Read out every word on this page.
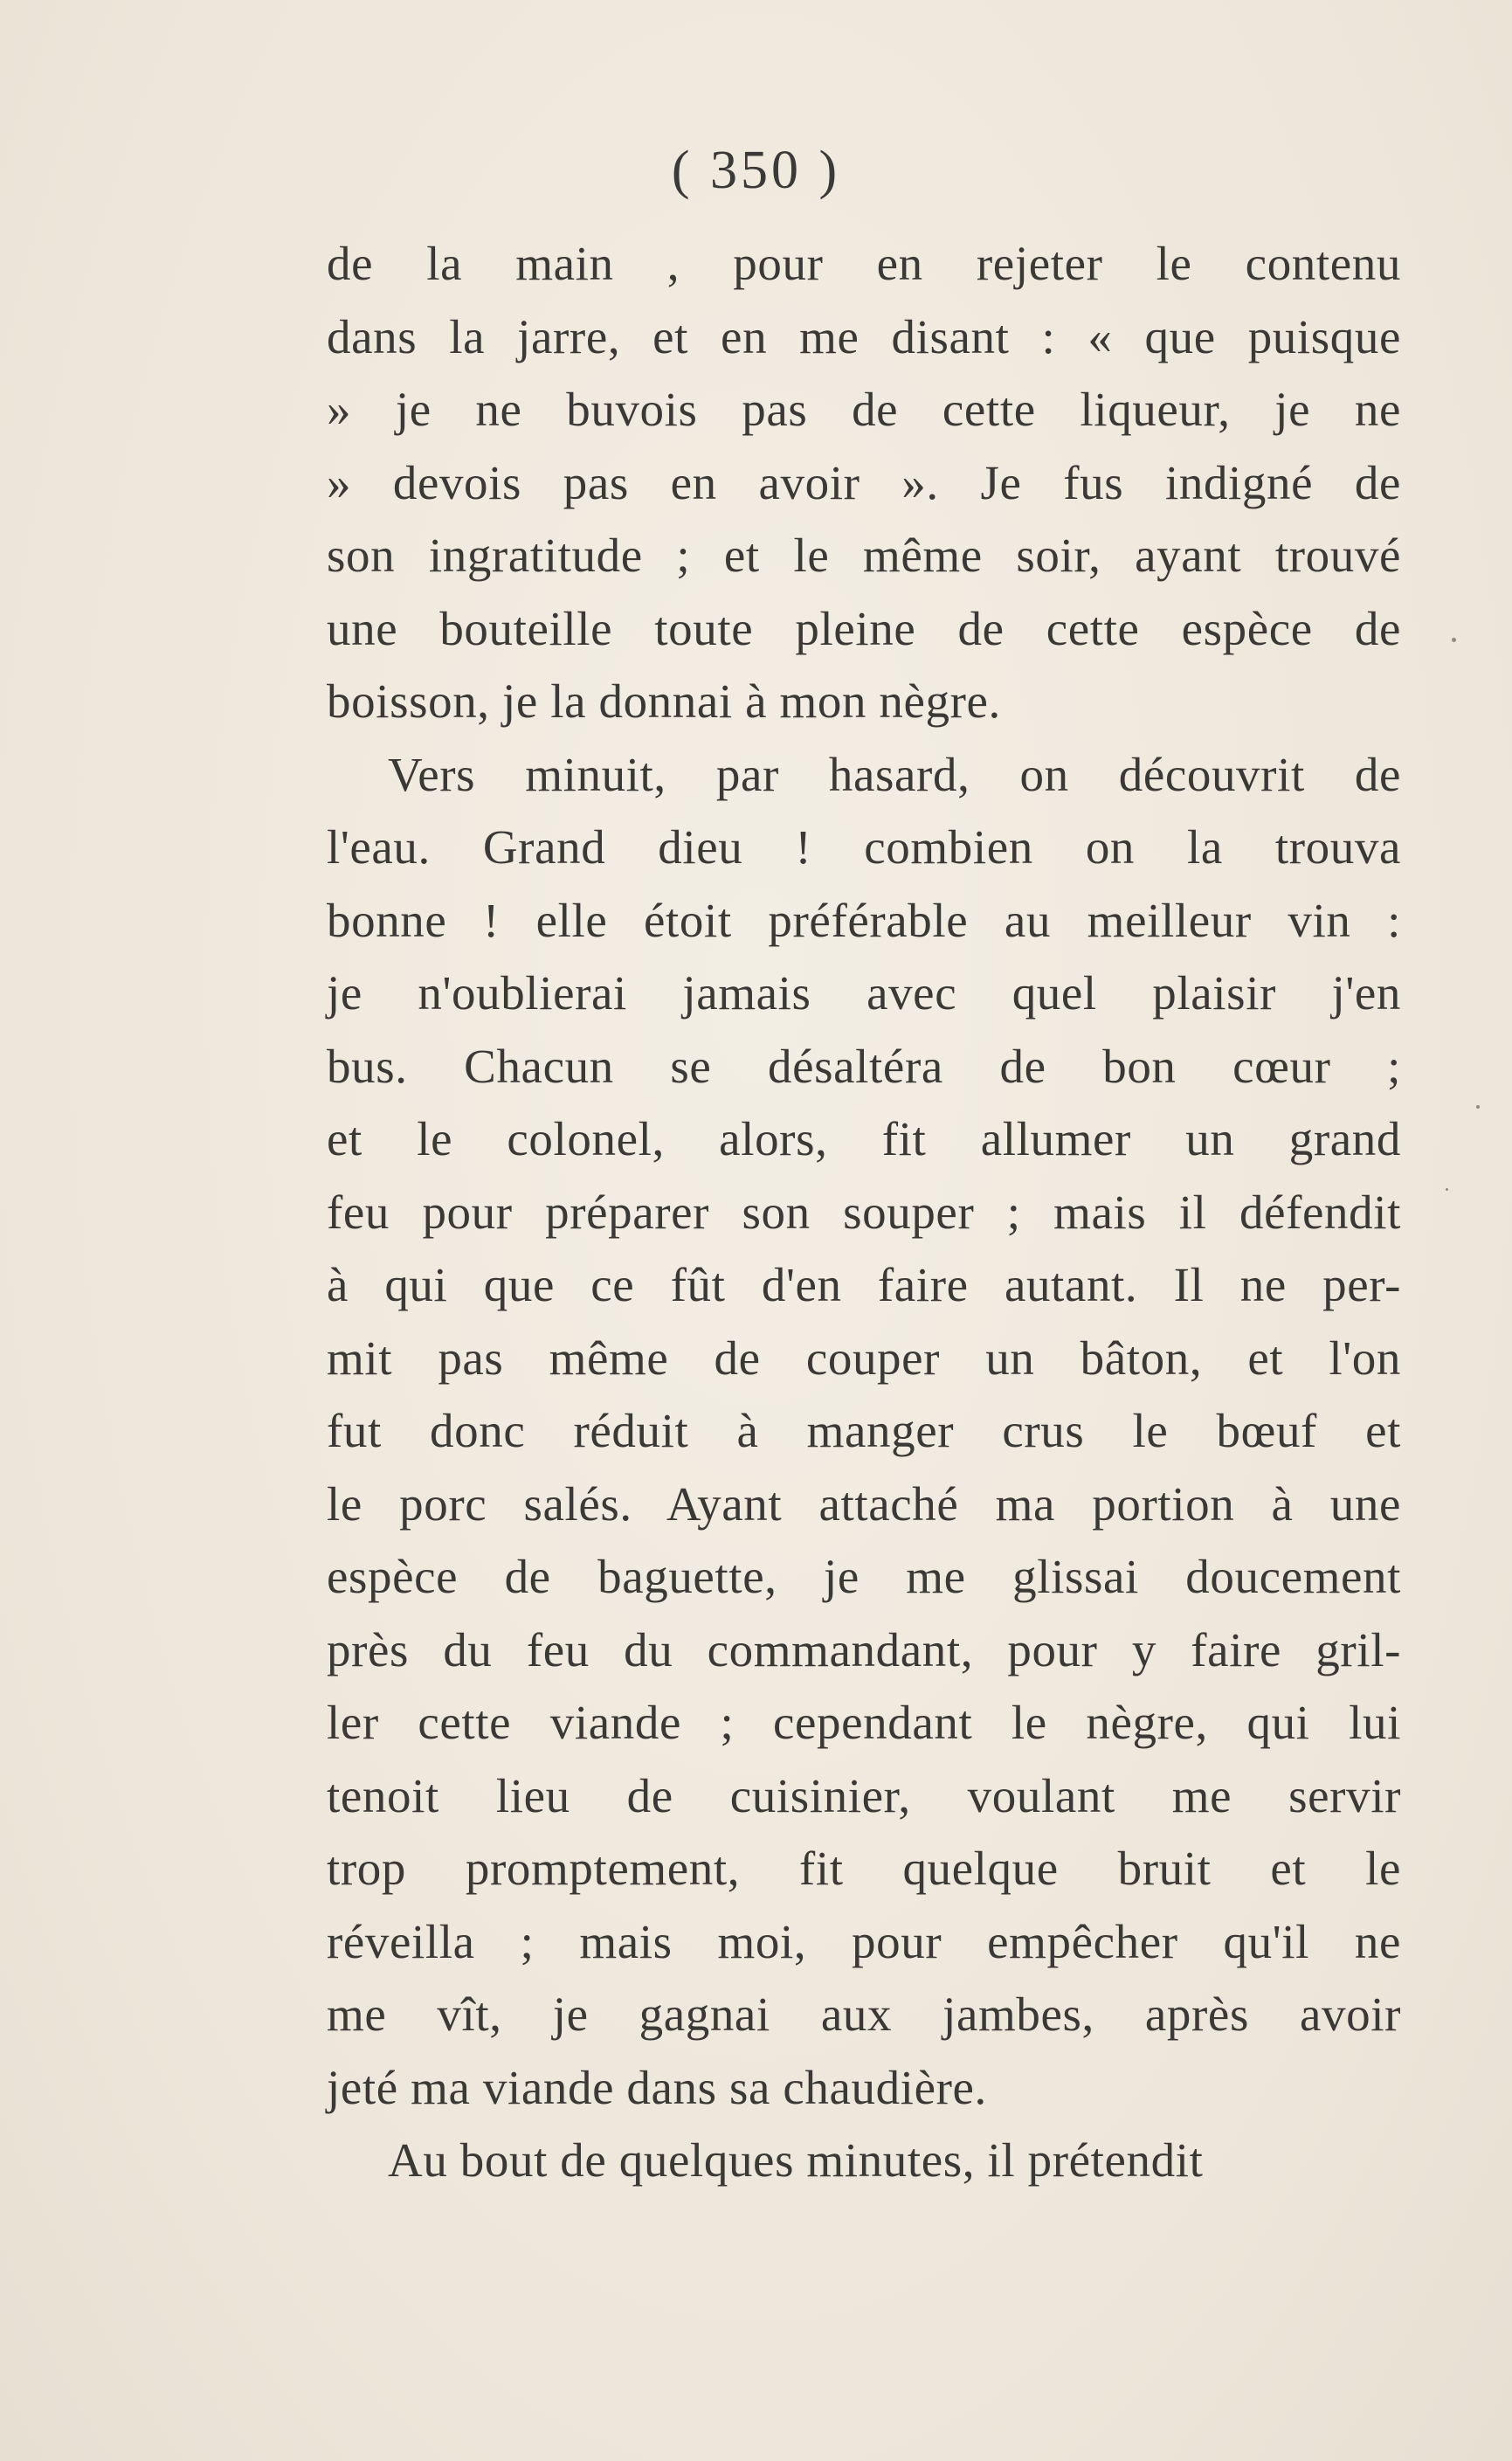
( 350 )
de la main , pour en rejeter le contenu
dans la jarre, et en me disant : « que puisque
» je ne buvois pas de cette liqueur, je ne
» devois pas en avoir ». Je fus indigné de
son ingratitude ; et le même soir, ayant trouvé
une bouteille toute pleine de cette espèce de
boisson, je la donnai à mon nègre.
Vers minuit, par hasard, on découvrit de
l'eau. Grand dieu ! combien on la trouva
bonne ! elle étoit préférable au meilleur vin :
je n'oublierai jamais avec quel plaisir j'en
bus. Chacun se désaltéra de bon cœur ;
et le colonel, alors, fit allumer un grand
feu pour préparer son souper ; mais il défendit
à qui que ce fût d'en faire autant. Il ne per-
mit pas même de couper un bâton, et l'on
fut donc réduit à manger crus le bœuf et
le porc salés. Ayant attaché ma portion à une
espèce de baguette, je me glissai doucement
près du feu du commandant, pour y faire gril-
ler cette viande ; cependant le nègre, qui lui
tenoit lieu de cuisinier, voulant me servir
trop promptement, fit quelque bruit et le
réveilla ; mais moi, pour empêcher qu'il ne
me vît, je gagnai aux jambes, après avoir
jeté ma viande dans sa chaudière.
Au bout de quelques minutes, il prétendit
